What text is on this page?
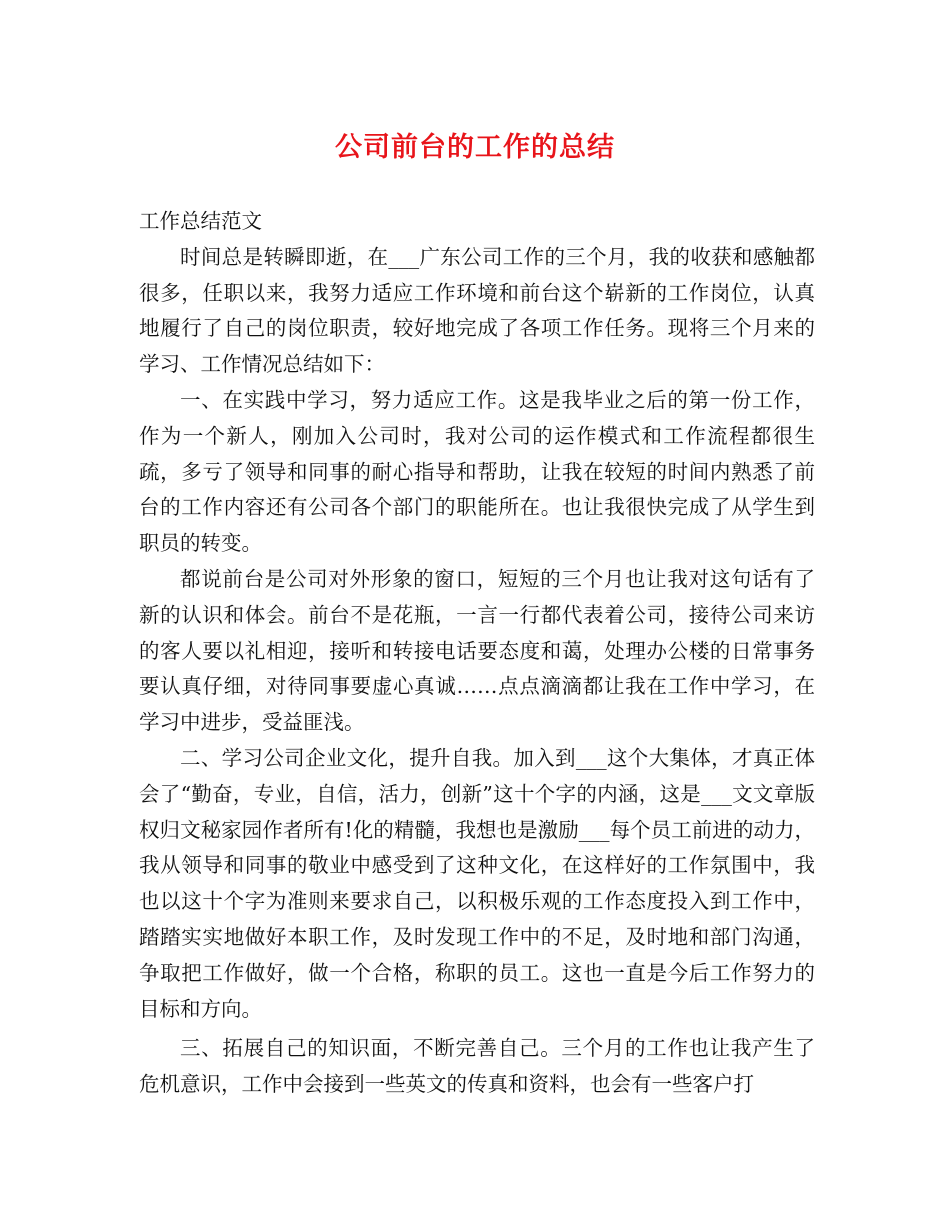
公司前台的工作的总结

工作总结范文

时间总是转瞬即逝，在___广东公司工作的三个月，我的收获和感触都很多，任职以来，我努力适应工作环境和前台这个崭新的工作岗位，认真地履行了自己的岗位职责，较好地完成了各项工作任务。现将三个月来的学习、工作情况总结如下：

一、在实践中学习，努力适应工作。这是我毕业之后的第一份工作，作为一个新人，刚加入公司时，我对公司的运作模式和工作流程都很生疏，多亏了领导和同事的耐心指导和帮助，让我在较短的时间内熟悉了前台的工作内容还有公司各个部门的职能所在。也让我很快完成了从学生到职员的转变。

都说前台是公司对外形象的窗口，短短的三个月也让我对这句话有了新的认识和体会。前台不是花瓶，一言一行都代表着公司，接待公司来访的客人要以礼相迎，接听和转接电话要态度和蔼，处理办公楼的日常事务要认真仔细，对待同事要虚心真诚……点点滴滴都让我在工作中学习，在学习中进步，受益匪浅。

二、学习公司企业文化，提升自我。加入到___这个大集体，才真正体会了“勤奋，专业，自信，活力，创新”这十个字的内涵，这是___文文章版权归文秘家园作者所有!化的精髓，我想也是激励___每个员工前进的动力，我从领导和同事的敬业中感受到了这种文化，在这样好的工作氛围中，我也以这十个字为准则来要求自己，以积极乐观的工作态度投入到工作中，踏踏实实地做好本职工作，及时发现工作中的不足，及时地和部门沟通，争取把工作做好，做一个合格，称职的员工。这也一直是今后工作努力的目标和方向。

三、拓展自己的知识面，不断完善自己。三个月的工作也让我产生了危机意识，工作中会接到一些英文的传真和资料，也会有一些客户打
